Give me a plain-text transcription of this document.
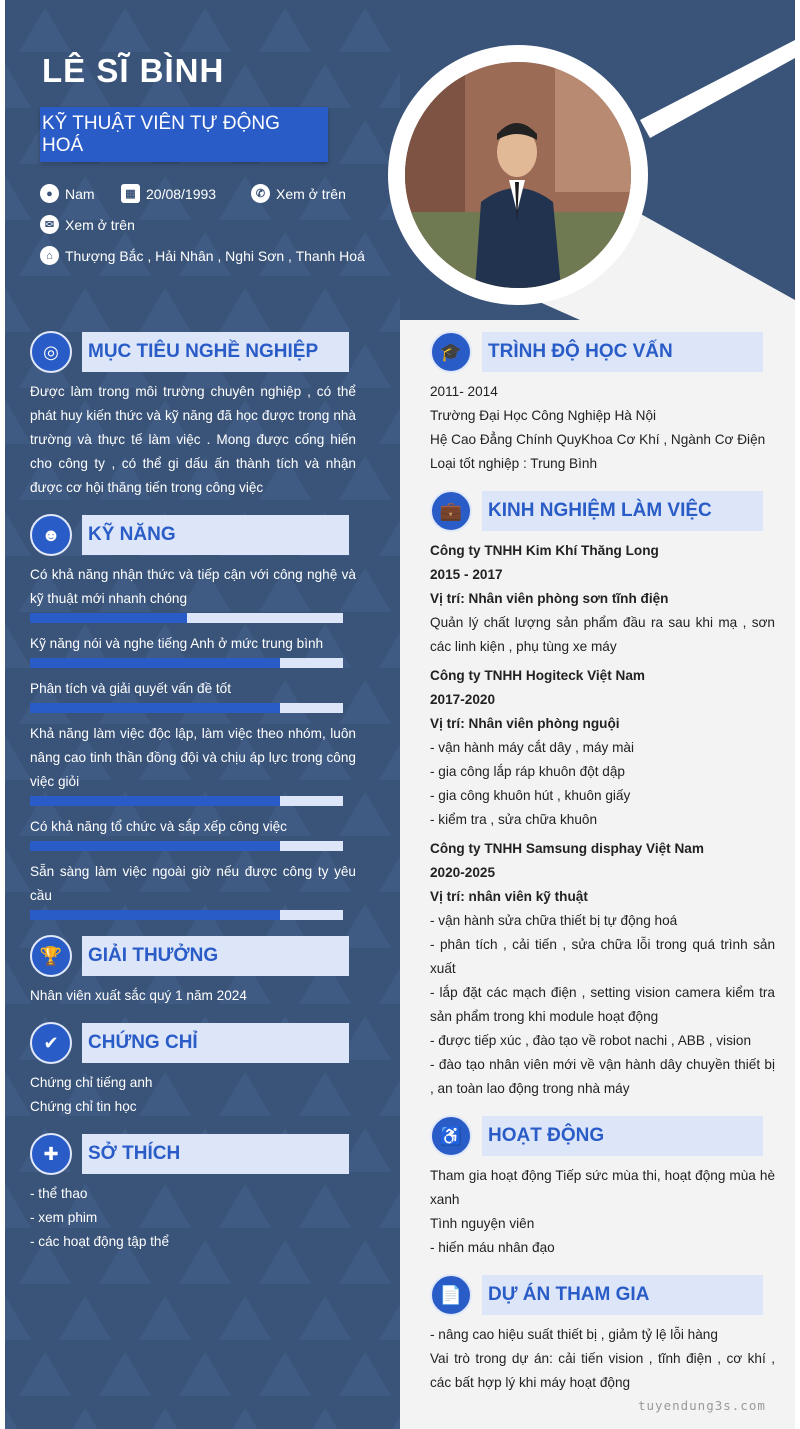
LÊ SĨ BÌNH
KỸ THUẬT VIÊN TỰ ĐỘNG HOÁ
● Nam	▦ 20/08/1993	✆ Xem ở trên
✉ Xem ở trên
⌂ Thượng Bắc , Hải Nhân , Nghi Sơn , Thanh Hoá
◎	MỤC TIÊU NGHỀ NGHIỆP
Được làm trong môi trường chuyên nghiệp , có thể phát huy kiến thức và kỹ năng đã học được trong nhà trường và thực tế làm việc . Mong được cống hiến cho công ty , có thể gi dấu ấn thành tích và nhận được cơ hội thăng tiến trong công việc
☻	KỸ NĂNG
Có khả năng nhận thức và tiếp cận với công nghệ và kỹ thuật mới nhanh chóng
Kỹ năng nói và nghe tiếng Anh ở mức trung bình
Phân tích và giải quyết vấn đề tốt
Khả năng làm việc độc lập, làm việc theo nhóm, luôn nâng cao tinh thần đồng đội và chịu áp lực trong công việc giỏi
Có khả năng tổ chức và sắp xếp công việc
Sẵn sàng làm việc ngoài giờ nếu được công ty yêu cầu
🏆	GIẢI THƯỞNG
Nhân viên xuất sắc quý 1 năm 2024
✔	CHỨNG CHỈ
Chứng chỉ tiếng anh
Chứng chỉ tin học
✚	SỞ THÍCH
- thể thao
- xem phim
- các hoạt động tập thể
🎓	TRÌNH ĐỘ HỌC VẤN
2011- 2014
Trường Đại Học Công Nghiệp Hà Nội
Hệ Cao Đẳng Chính QuyKhoa Cơ Khí , Ngành Cơ Điện
Loại tốt nghiệp : Trung Bình
💼	KINH NGHIỆM LÀM VIỆC
Công ty TNHH Kim Khí Thăng Long
2015 - 2017
Vị trí: Nhân viên phòng sơn tĩnh điện
Quản lý chất lượng sản phẩm đầu ra sau khi mạ , sơn các linh kiện , phụ tùng xe máy
Công ty TNHH Hogiteck Việt Nam
2017-2020
Vị trí: Nhân viên phòng nguội
- vận hành máy cắt dây , máy mài
- gia công lắp ráp khuôn đột dập
- gia công khuôn hút , khuôn giấy
- kiểm tra , sửa chữa khuôn
Công ty TNHH Samsung disphay Việt Nam
2020-2025
Vị trí: nhân viên kỹ thuật
- vận hành sửa chữa thiết bị tự động hoá
- phân tích , cải tiến , sửa chữa lỗi trong quá trình sản xuất
- lắp đặt các mạch điện , setting vision camera kiểm tra sản phẩm trong khi module hoạt động
- được tiếp xúc , đào tạo về robot nachi , ABB , vision
- đào tạo nhân viên mới về vận hành dây chuyền thiết bị , an toàn lao động trong nhà máy
♿	HOẠT ĐỘNG
Tham gia hoạt động Tiếp sức mùa thi, hoạt động mùa hè xanh
Tình nguyện viên
- hiến máu nhân đạo
📄	DỰ ÁN THAM GIA
- nâng cao hiệu suất thiết bị , giảm tỷ lệ lỗi hàng
Vai trò trong dự án: cải tiến vision , tĩnh điện , cơ khí , các bất hợp lý khi máy hoạt động
tuyendung3s.com
